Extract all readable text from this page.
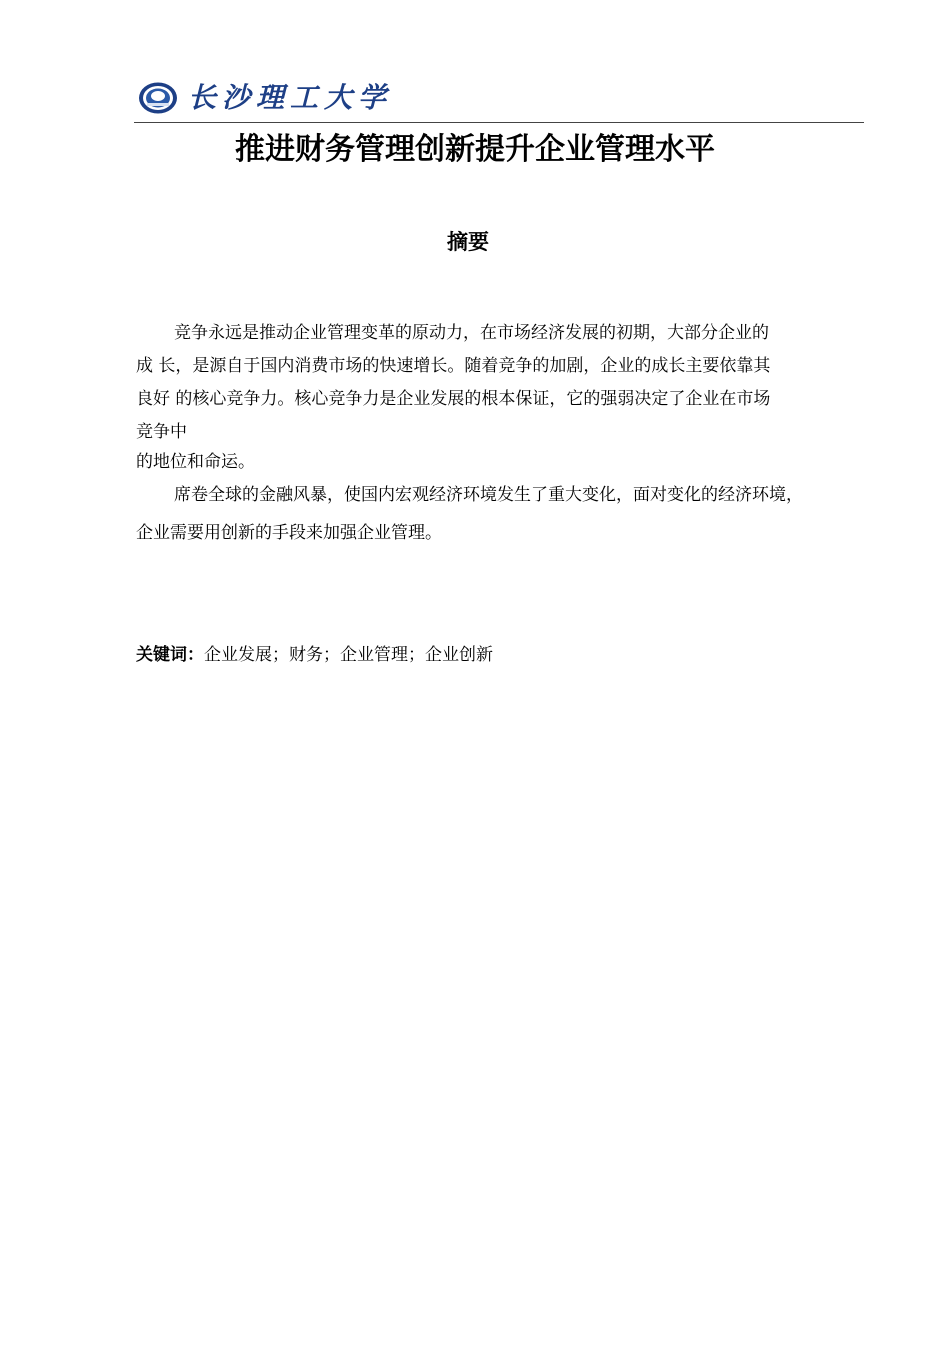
长沙理工大学
推进财务管理创新提升企业管理水平
摘要
竞争永远是推动企业管理变革的原动力，在市场经济发展的初期，大部分企业的
成 长，是源自于国内消费市场的快速增长。随着竞争的加剧，企业的成长主要依靠其
良好 的核心竞争力。核心竞争力是企业发展的根本保证，它的强弱决定了企业在市场
竞争中
的地位和命运。
席卷全球的金融风暴，使国内宏观经济环境发生了重大变化，面对变化的经济环境，
企业需要用创新的手段来加强企业管理。
关键词：企业发展；财务；企业管理；企业创新
